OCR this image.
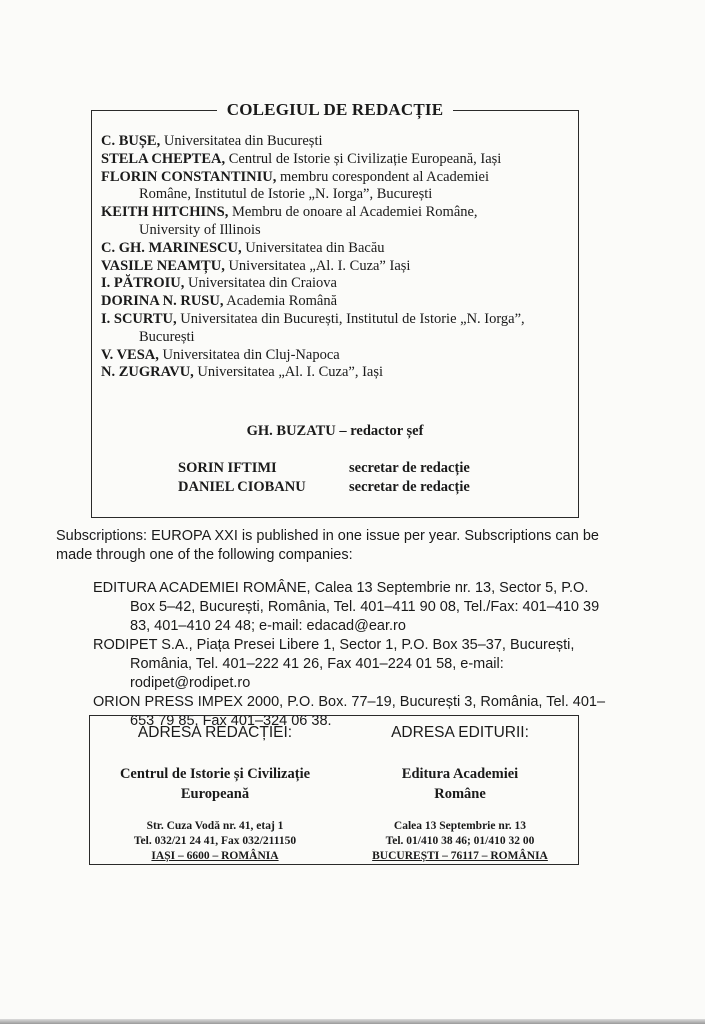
COLEGIUL DE REDACȚIE

C. BUȘE, Universitatea din București

STELA CHEPTEA, Centrul de Istorie și Civilizație Europeană, Iași

FLORIN CONSTANTINIU, membru corespondent al Academiei
Române, Institutul de Istorie „N. Iorga”, București

KEITH HITCHINS, Membru de onoare al Academiei Române,
University of Illinois

C. GH. MARINESCU, Universitatea din Bacău

VASILE NEAMȚU, Universitatea „Al. I. Cuza” Iași

I. PĂTROIU, Universitatea din Craiova

DORINA N. RUSU, Academia Română

I. SCURTU, Universitatea din București, Institutul de Istorie „N. Iorga”,
București

V. VESA, Universitatea din Cluj-Napoca

N. ZUGRAVU, Universitatea „Al. I. Cuza”, Iași

GH. BUZATU – redactor șef
SORIN IFTIMI	secretar de redacție
DANIEL CIOBANU	secretar de redacție
Subscriptions: EUROPA XXI is published in one issue per year. Subscriptions can be made through one of the following companies:
EDITURA ACADEMIEI ROMÂNE, Calea 13 Septembrie nr. 13, Sector 5, P.O. Box 5–42, București, România, Tel. 401–411 90 08, Tel./Fax: 401–410 39 83, 401–410 24 48; e-mail: edacad@ear.ro
RODIPET S.A., Piața Presei Libere 1, Sector 1, P.O. Box 35–37, București, România, Tel. 401–222 41 26, Fax 401–224 01 58, e-mail: rodipet@rodipet.ro
ORION PRESS IMPEX 2000, P.O. Box. 77–19, București 3, România, Tel. 401–653 79 85, Fax 401–324 06 38.
ADRESA REDACȚIEI:
Centrul de Istorie și Civilizație
Europeană
Str. Cuza Vodă nr. 41, etaj 1
Tel. 032/21 24 41, Fax 032/211150
IAȘI – 6600 – ROMÂNIA
ADRESA EDITURII:
Editura Academiei
Române
Calea 13 Septembrie nr. 13
Tel. 01/410 38 46; 01/410 32 00
BUCUREȘTI – 76117 – ROMÂNIA
